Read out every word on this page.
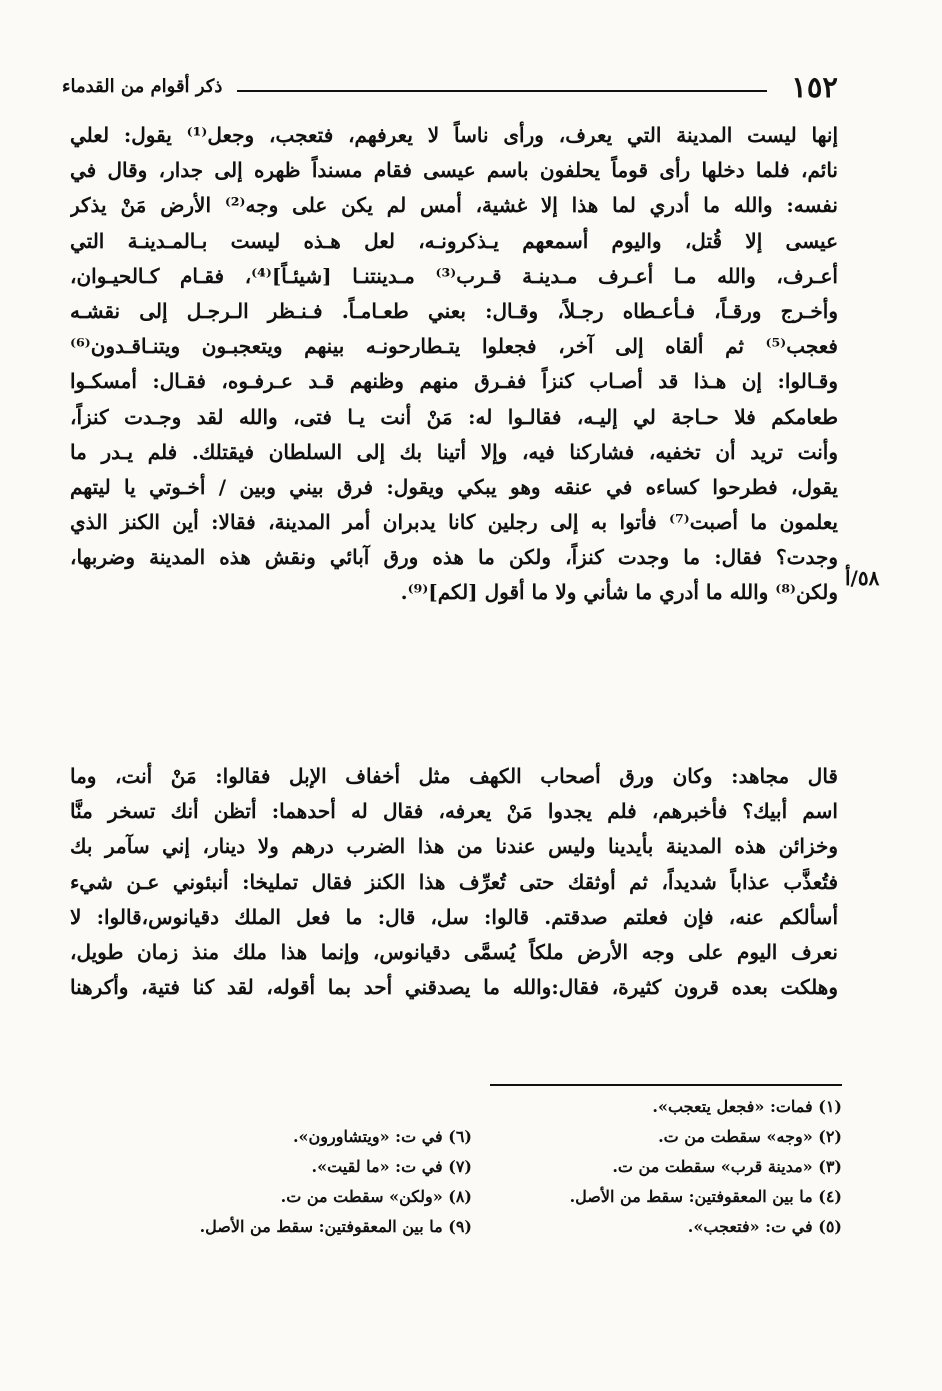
١٥٢
ذكر أقوام من القدماء
إنها ليست المدينة التي يعرف، ورأى ناساً لا يعرفهم، فتعجب، وجعل⁽¹⁾ يقول: لعلي
نائم، فلما دخلها رأى قوماً يحلفون باسم عيسى فقام مسنداً ظهره إلى جدار، وقال في
نفسه: والله ما أدري لما هذا إلا غشية، أمس لم يكن على وجه⁽²⁾ الأرض مَنْ يذكر
عيسى إلا قُتل، واليوم أسمعهم يـذكرونـه، لعل هـذه ليست بـالمـدينـة التي
أعـرف، والله مـا أعـرف مـدينـة قـرب⁽³⁾ مـدينتنـا [شيئـاً]⁽⁴⁾، فقـام كـالحيـوان،
وأخـرج ورقـاً، فـأعـطاه رجـلاً، وقـال: بعني طعـامـاً. فـنـظر الـرجـل إلى نقشـه
فعجب⁽⁵⁾ ثم ألقاه إلى آخر، فجعلوا يتـطارحونـه بينهم ويتعجبـون ويتنـاقـدون⁽⁶⁾
وقـالوا: إن هـذا قد أصـاب كنزاً ففـرق منهم وظنهم قـد عـرفـوه، فقـال: أمسكـوا
طعامكم فلا حـاجة لي إليـه، فقالـوا له: مَنْ أنت يـا فتى، والله لقد وجـدت كنزاً،
وأنت تريد أن تخفيه، فشاركنا فيه، وإلا أتينا بك إلى السلطان فيقتلك. فلم يـدر ما
يقول، فطرحوا كساءه في عنقه وهو يبكي ويقول: فرق بيني وبين / أخـوتي يا ليتهم
يعلمون ما أصبت⁽⁷⁾ فأتوا به إلى رجلين كانا يدبران أمر المدينة، فقالا: أين الكنز الذي
وجدت؟ فقال: ما وجدت كنزاً، ولكن ما هذه ورق آبائي ونقش هذه المدينة وضربها،
ولكن⁽⁸⁾ والله ما أدري ما شأني ولا ما أقول [لكم]⁽⁹⁾.
٥٨/أ
قال مجاهد: وكان ورق أصحاب الكهف مثل أخفاف الإبل فقالوا: مَنْ أنت، وما
اسم أبيك؟ فأخبرهم، فلم يجدوا مَنْ يعرفه، فقال له أحدهما: أتظن أنك تسخر منَّا
وخزائن هذه المدينة بأيدينا وليس عندنا من هذا الضرب درهم ولا دينار، إني سآمر بك
فتُعذَّب عذاباً شديداً، ثم أوثقك حتى تُعرِّف هذا الكنز فقال تمليخا: أنبئوني عـن شيء
أسألكم عنه، فإن فعلتم صدقتم. قالوا: سل، قال: ما فعل الملك دقيانوس،قالوا: لا
نعرف اليوم على وجه الأرض ملكاً يُسمَّى دقيانوس، وإنما هذا ملك منذ زمان طويل،
وهلكت بعده قرون كثيرة، فقال:والله ما يصدقني أحد بما أقوله، لقد كنا فتية، وأكرهنا
(١) فمات: «فجعل يتعجب».
(٢) «وجه» سقطت من ت.
(٣) «مدينة قرب» سقطت من ت.
(٤) ما بين المعقوفتين: سقط من الأصل.
(٥) في ت: «فتعجب».
(٦) في ت: «ويتشاورون».
(٧) في ت: «ما لقيت».
(٨) «ولكن» سقطت من ت.
(٩) ما بين المعقوفتين: سقط من الأصل.
